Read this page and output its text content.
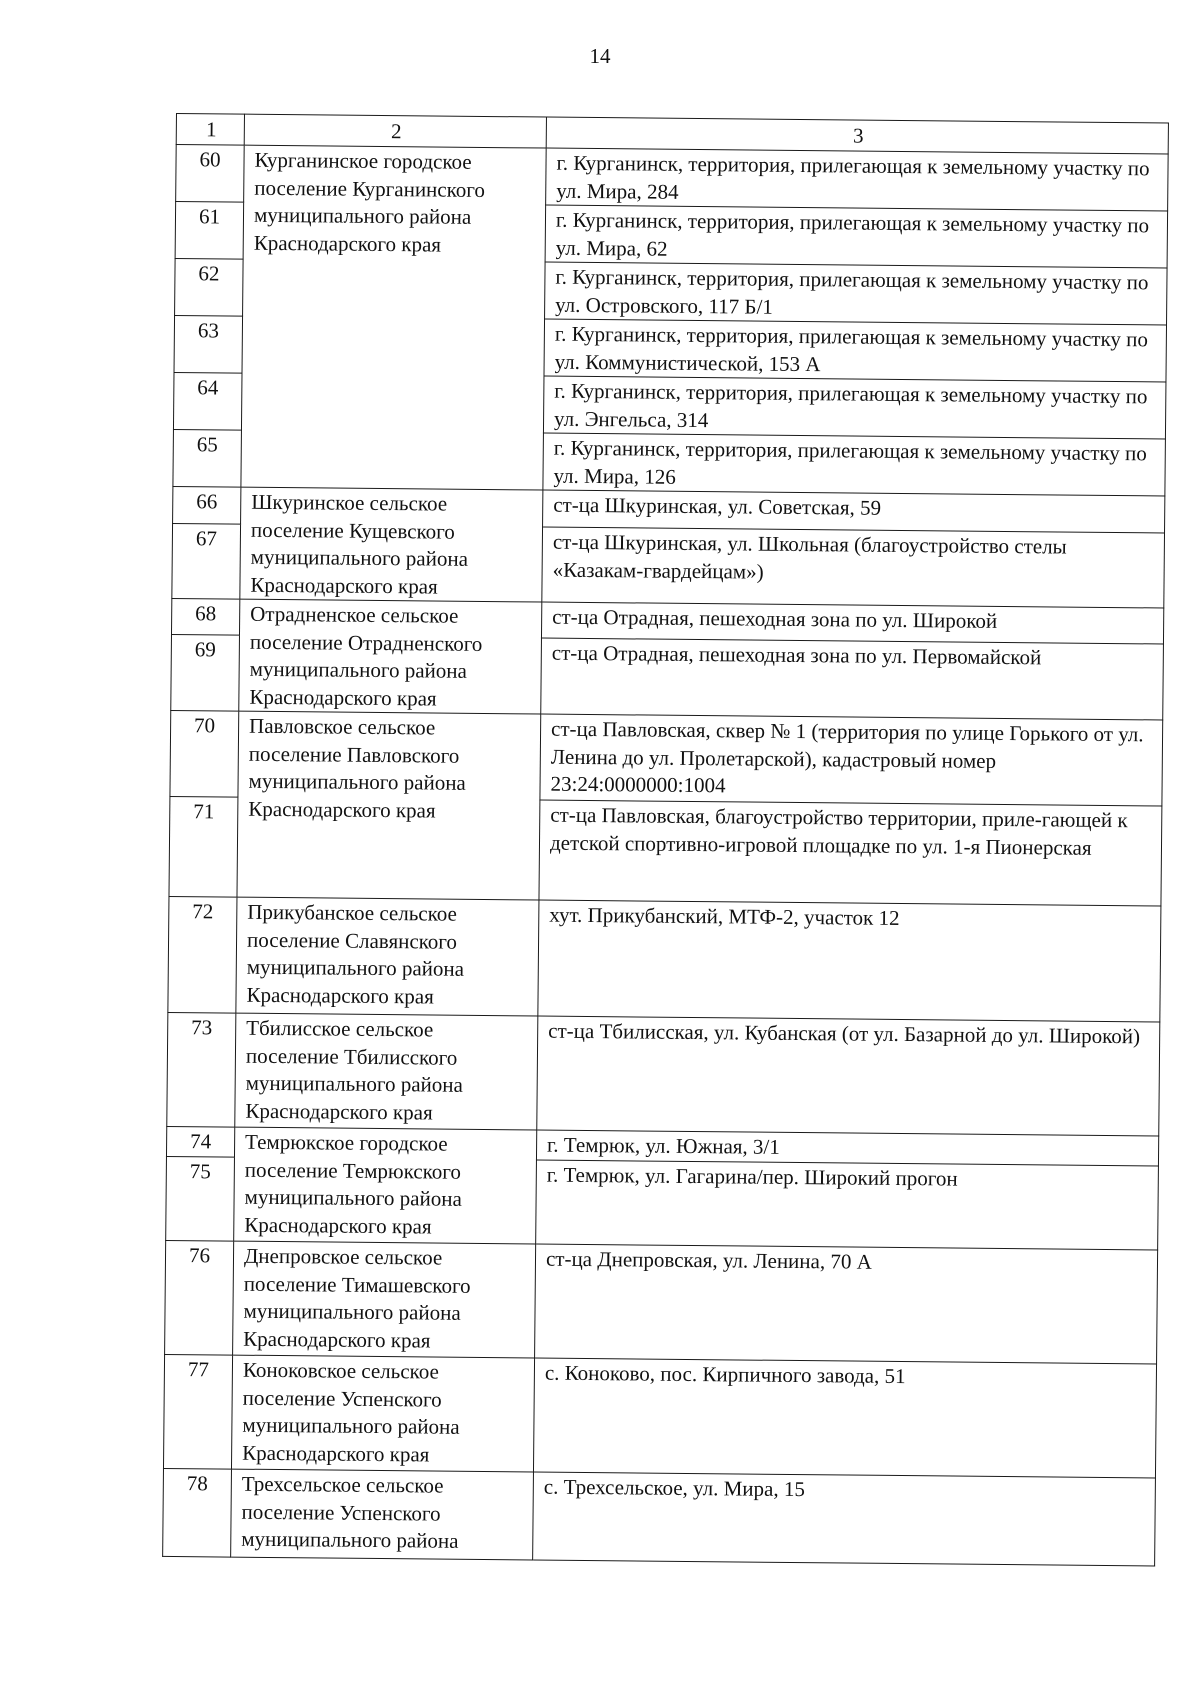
14
1	2	3
60	Курганинское городское поселение Курганинского муниципального района Краснодарского края	г. Курганинск, территория, прилегающая к земельному участку по ул. Мира, 284
61		г. Курганинск, территория, прилегающая к земельному участку по ул. Мира, 62
62		г. Курганинск, территория, прилегающая к земельному участку по ул. Островского, 117 Б/1
63		г. Курганинск, территория, прилегающая к земельному участку по ул. Коммунистической, 153 А
64		г. Курганинск, территория, прилегающая к земельному участку по ул. Энгельса, 314
65		г. Курганинск, территория, прилегающая к земельному участку по ул. Мира, 126
66	Шкуринское сельское поселение Кущевского муниципального района Краснодарского края	ст-ца Шкуринская, ул. Советская, 59
67		ст-ца Шкуринская, ул. Школьная (благоустройство стелы «Казакам-гвардейцам»)
68	Отрадненское сельское поселение Отрадненского муниципального района Краснодарского края	ст-ца Отрадная, пешеходная зона по ул. Широкой
69		ст-ца Отрадная, пешеходная зона по ул. Первомайской
70	Павловское сельское поселение Павловского муниципального района Краснодарского края	ст-ца Павловская, сквер № 1 (территория по улице Горького от ул. Ленина до ул. Пролетарской), кадастровый номер 23:24:0000000:1004
71		ст-ца Павловская, благоустройство территории, приле-гающей к детской спортивно-игровой площадке по ул. 1-я Пионерская
72	Прикубанское сельское поселение Славянского муниципального района Краснодарского края	хут. Прикубанский, МТФ-2, участок 12
73	Тбилисское сельское поселение Тбилисского муниципального района Краснодарского края	ст-ца Тбилисская, ул. Кубанская (от ул. Базарной до ул. Широкой)
74	Темрюкское городское поселение Темрюкского муниципального района Краснодарского края	г. Темрюк, ул. Южная, 3/1
75		г. Темрюк, ул. Гагарина/пер. Широкий прогон
76	Днепровское сельское поселение Тимашевского муниципального района Краснодарского края	ст-ца Днепровская, ул. Ленина, 70 А
77	Коноковское сельское поселение Успенского муниципального района Краснодарского края	с. Коноково, пос. Кирпичного завода, 51
78	Трехсельское сельское поселение Успенского муниципального района	с. Трехсельское, ул. Мира, 15
